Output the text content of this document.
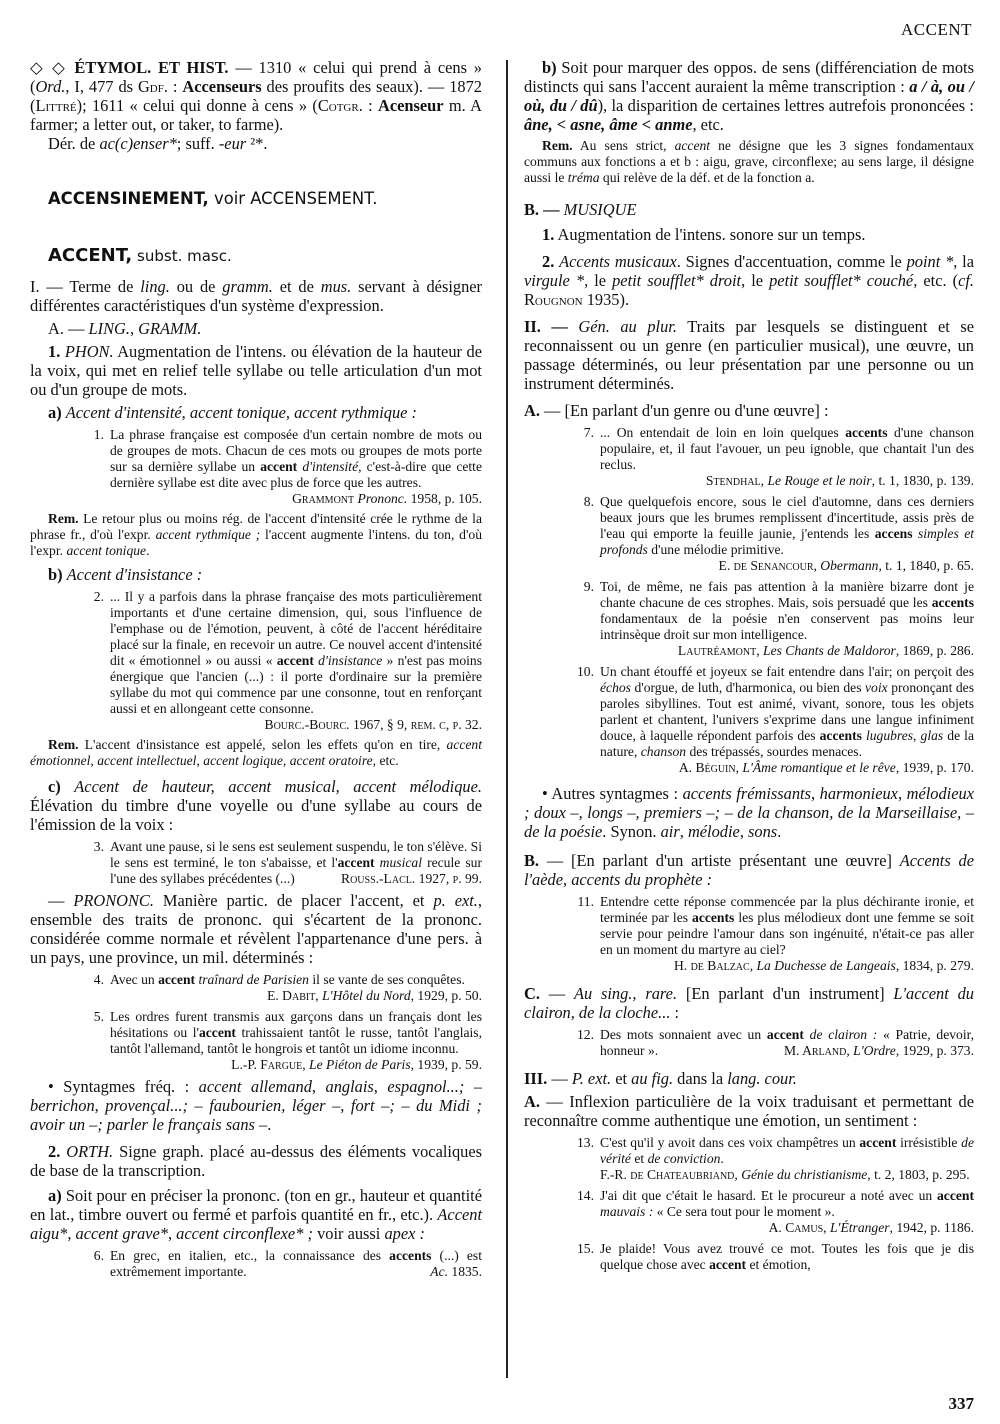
ACCENT

◇ ◇ ÉTYMOL. ET HIST. — 1310 « celui qui prend à cens » (Ord., I, 477 ds Gdf. : Accenseurs des proufits des seaux). — 1872 (Littré); 1611 « celui qui donne à cens » (Cotgr. : Acenseur m. A farmer; a letter out, or taker, to farme).

Dér. de ac(c)enser*; suff. -eur ²*.

ACCENSINEMENT, voir ACCENSEMENT.

ACCENT, subst. masc.

I. — Terme de ling. ou de gramm. et de mus. servant à désigner différentes caractéristiques d'un système d'expression.

A. — LING., GRAMM.

1. PHON. Augmentation de l'intens. ou élévation de la hauteur de la voix, qui met en relief telle syllabe ou telle articulation d'un mot ou d'un groupe de mots.

a) Accent d'intensité, accent tonique, accent rythmique :

1. La phrase française est composée d'un certain nombre de mots ou de groupes de mots. Chacun de ces mots ou groupes de mots porte sur sa dernière syllabe un accent d'intensité, c'est-à-dire que cette dernière syllabe est dite avec plus de force que les autres.

Grammont Prononc. 1958, p. 105.

Rem. Le retour plus ou moins rég. de l'accent d'intensité crée le rythme de la phrase fr., d'où l'expr. accent rythmique ; l'accent augmente l'intens. du ton, d'où l'expr. accent tonique.

b) Accent d'insistance :

2. ... Il y a parfois dans la phrase française des mots particulièrement importants et d'une certaine dimension, qui, sous l'influence de l'emphase ou de l'émotion, peuvent, à côté de l'accent héréditaire placé sur la finale, en recevoir un autre. Ce nouvel accent d'intensité dit « émotionnel » ou aussi « accent d'insistance » n'est pas moins énergique que l'ancien (...) : il porte d'ordinaire sur la première syllabe du mot qui commence par une consonne, tout en renforçant aussi et en allongeant cette consonne.

Bourc.-Bourc. 1967, § 9, rem. c, p. 32.

Rem. L'accent d'insistance est appelé, selon les effets qu'on en tire, accent émotionnel, accent intellectuel, accent logique, accent oratoire, etc.

c) Accent de hauteur, accent musical, accent mélodique. Élévation du timbre d'une voyelle ou d'une syllabe au cours de l'émission de la voix :

3. Avant une pause, si le sens est seulement suspendu, le ton s'élève. Si le sens est terminé, le ton s'abaisse, et l'accent musical recule sur l'une des syllabes précédentes (...)	Rouss.-Lacl. 1927, p. 99.

— PRONONC. Manière partic. de placer l'accent, et p. ext., ensemble des traits de prononc. qui s'écartent de la prononc. considérée comme normale et révèlent l'appartenance d'une pers. à un pays, une province, un mil. déterminés :

4. Avec un accent traînard de Parisien il se vante de ses conquêtes.
E. Dabit, L'Hôtel du Nord, 1929, p. 50.

5. Les ordres furent transmis aux garçons dans un français dont les hésitations ou l'accent trahissaient tantôt le russe, tantôt l'anglais, tantôt l'allemand, tantôt le hongrois et tantôt un idiome inconnu.

L.-P. Fargue, Le Piéton de Paris, 1939, p. 59.

• Syntagmes fréq. : accent allemand, anglais, espagnol...; – berrichon, provençal...; – faubourien, léger –, fort –; – du Midi ; avoir un –; parler le français sans –.

2. ORTH. Signe graph. placé au-dessus des éléments vocaliques de base de la transcription.

a) Soit pour en préciser la prononc. (ton en gr., hauteur et quantité en lat., timbre ouvert ou fermé et parfois quantité en fr., etc.). Accent aigu*, accent grave*, accent circonflexe* ; voir aussi apex :

6. En grec, en italien, etc., la connaissance des accents (...) est extrêmement importante.	Ac. 1835.

b) Soit pour marquer des oppos. de sens (différenciation de mots distincts qui sans l'accent auraient la même transcription : a / à, ou / où, du / dû), la disparition de certaines lettres autrefois prononcées : âne, < asne, âme < anme, etc.

Rem. Au sens strict, accent ne désigne que les 3 signes fondamentaux communs aux fonctions a et b : aigu, grave, circonflexe; au sens large, il désigne aussi le tréma qui relève de la déf. et de la fonction a.

B. — MUSIQUE

1. Augmentation de l'intens. sonore sur un temps.

2. Accents musicaux. Signes d'accentuation, comme le point *, la virgule *, le petit soufflet* droit, le petit soufflet* couché, etc. (cf. Rougnon 1935).

II. — Gén. au plur. Traits par lesquels se distinguent et se reconnaissent ou un genre (en particulier musical), une œuvre, un passage déterminés, ou leur présentation par une personne ou un instrument déterminés.

A. — [En parlant d'un genre ou d'une œuvre] :

7. ... On entendait de loin en loin quelques accents d'une chanson populaire, et, il faut l'avouer, un peu ignoble, que chantait l'un des reclus.

Stendhal, Le Rouge et le noir, t. 1, 1830, p. 139.

8. Que quelquefois encore, sous le ciel d'automne, dans ces derniers beaux jours que les brumes remplissent d'incertitude, assis près de l'eau qui emporte la feuille jaunie, j'entends les accens simples et profonds d'une mélodie primitive.

E. de Senancour, Obermann, t. 1, 1840, p. 65.

9. Toi, de même, ne fais pas attention à la manière bizarre dont je chante chacune de ces strophes. Mais, sois persuadé que les accents fondamentaux de la poésie n'en conservent pas moins leur intrinsèque droit sur mon intelligence.

Lautréamont, Les Chants de Maldoror, 1869, p. 286.

10. Un chant étouffé et joyeux se fait entendre dans l'air; on perçoit des échos d'orgue, de luth, d'harmonica, ou bien des voix prononçant des paroles sibyllines. Tout est animé, vivant, sonore, tous les objets parlent et chantent, l'univers s'exprime dans une langue infiniment douce, à laquelle répondent parfois des accents lugubres, glas de la nature, chanson des trépassés, sourdes menaces.

A. Béguin, L'Âme romantique et le rêve, 1939, p. 170.

• Autres syntagmes : accents frémissants, harmonieux, mélodieux ; doux –, longs –, premiers –; – de la chanson, de la Marseillaise, – de la poésie. Synon. air, mélodie, sons.

B. — [En parlant d'un artiste présentant une œuvre] Accents de l'aède, accents du prophète :

11. Entendre cette réponse commencée par la plus déchirante ironie, et terminée par les accents les plus mélodieux dont une femme se soit servie pour peindre l'amour dans son ingénuité, n'était-ce pas aller en un moment du martyre au ciel?

H. de Balzac, La Duchesse de Langeais, 1834, p. 279.

C. — Au sing., rare. [En parlant d'un instrument] L'accent du clairon, de la cloche... :

12. Des mots sonnaient avec un accent de clairon : « Patrie, devoir, honneur ».	M. Arland, L'Ordre, 1929, p. 373.

III. — P. ext. et au fig. dans la lang. cour.

A. — Inflexion particulière de la voix traduisant et permettant de reconnaître comme authentique une émotion, un sentiment :

13. C'est qu'il y avoit dans ces voix champêtres un accent irrésistible de vérité et de conviction.

F.-R. de Chateaubriand, Génie du christianisme, t. 2, 1803, p. 295.

14. J'ai dit que c'était le hasard. Et le procureur a noté avec un accent mauvais : « Ce sera tout pour le moment ».

A. Camus, L'Étranger, 1942, p. 1186.

15. Je plaide! Vous avez trouvé ce mot. Toutes les fois que je dis quelque chose avec accent et émotion,

337
